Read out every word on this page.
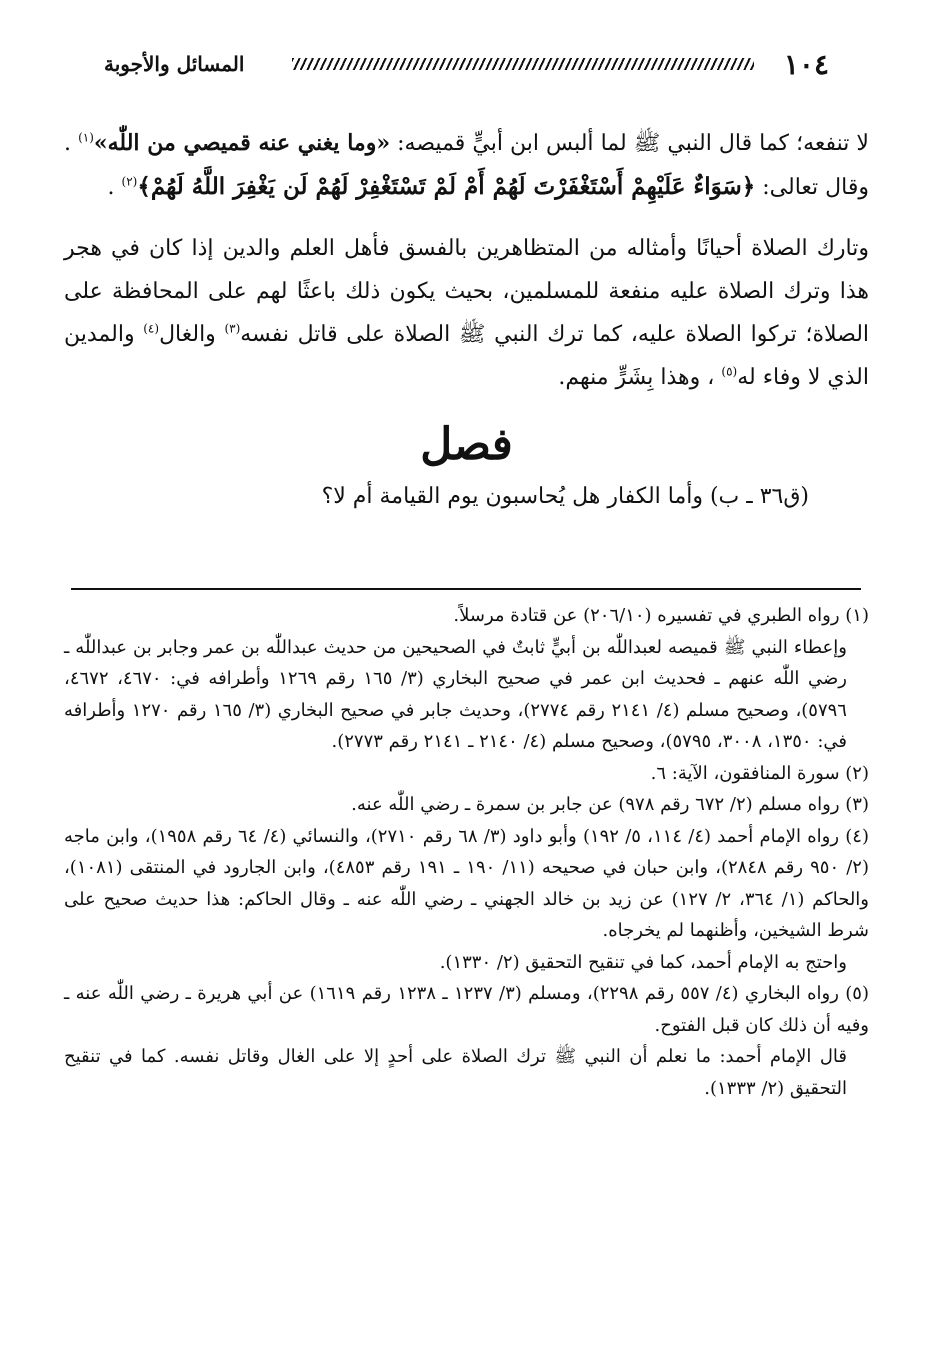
١٠٤
المسائل والأجوبة

لا تنفعه؛ كما قال النبي ﷺ لما ألبس ابن أبيٍّ قميصه: «وما يغني عنه قميصي من اللّٰه»$^{(١)}$ . وقال تعالى: ﴿سَوَاءٌ عَلَيْهِمْ أَسْتَغْفَرْتَ لَهُمْ أَمْ لَمْ تَسْتَغْفِرْ لَهُمْ لَن يَغْفِرَ اللَّهُ لَهُمْ﴾$^{(٢)}$ .

وتارك الصلاة أحيانًا وأمثاله من المتظاهرين بالفسق فأهل العلم والدين إذا كان في هجر هذا وترك الصلاة عليه منفعة للمسلمين، بحيث يكون ذلك باعثًا لهم على المحافظة على الصلاة؛ تركوا الصلاة عليه، كما ترك النبي ﷺ الصلاة على قاتل نفسه$^{(٣)}$ والغال$^{(٤)}$ والمدين الذي لا وفاء له$^{(٥)}$ ، وهذا بِشَرٍّ منهم.

فصل

(ق٣٦ ـ ب) وأما الكفار هل يُحاسبون يوم القيامة أم لا؟

(١) رواه الطبري في تفسيره (٢٠٦/١٠) عن قتادة مرسلاً.

وإعطاء النبي ﷺ قميصه لعبداللّٰه بن أبيٍّ ثابتٌ في الصحيحين من حديث عبداللّٰه بن عمر وجابر بن عبداللّٰه ـ رضي اللّٰه عنهم ـ فحديث ابن عمر في صحيح البخاري (٣/ ١٦٥ رقم ١٢٦٩ وأطرافه في: ٤٦٧٠، ٤٦٧٢، ٥٧٩٦)، وصحيح مسلم (٤/ ٢١٤١ رقم ٢٧٧٤)، وحديث جابر في صحيح البخاري (٣/ ١٦٥ رقم ١٢٧٠ وأطرافه في: ١٣٥٠، ٣٠٠٨، ٥٧٩٥)، وصحيح مسلم (٤/ ٢١٤٠ ـ ٢١٤١ رقم ٢٧٧٣).

(٢) سورة المنافقون، الآية: ٦.

(٣) رواه مسلم (٢/ ٦٧٢ رقم ٩٧٨) عن جابر بن سمرة ـ رضي اللّٰه عنه.

(٤) رواه الإمام أحمد (٤/ ١١٤، ٥/ ١٩٢) وأبو داود (٣/ ٦٨ رقم ٢٧١٠)، والنسائي (٤/ ٦٤ رقم ١٩٥٨)، وابن ماجه (٢/ ٩٥٠ رقم ٢٨٤٨)، وابن حبان في صحيحه (١١/ ١٩٠ ـ ١٩١ رقم ٤٨٥٣)، وابن الجارود في المنتقى (١٠٨١)، والحاكم (١/ ٣٦٤، ٢/ ١٢٧) عن زيد بن خالد الجهني ـ رضي اللّٰه عنه ـ وقال الحاكم: هذا حديث صحيح على شرط الشيخين، وأظنهما لم يخرجاه.

واحتج به الإمام أحمد، كما في تنقيح التحقيق (٢/ ١٣٣٠).

(٥) رواه البخاري (٤/ ٥٥٧ رقم ٢٢٩٨)، ومسلم (٣/ ١٢٣٧ ـ ١٢٣٨ رقم ١٦١٩) عن أبي هريرة ـ رضي اللّٰه عنه ـ وفيه أن ذلك كان قبل الفتوح.

قال الإمام أحمد: ما نعلم أن النبي ﷺ ترك الصلاة على أحدٍ إلا على الغال وقاتل نفسه. كما في تنقيح التحقيق (٢/ ١٣٣٣).
